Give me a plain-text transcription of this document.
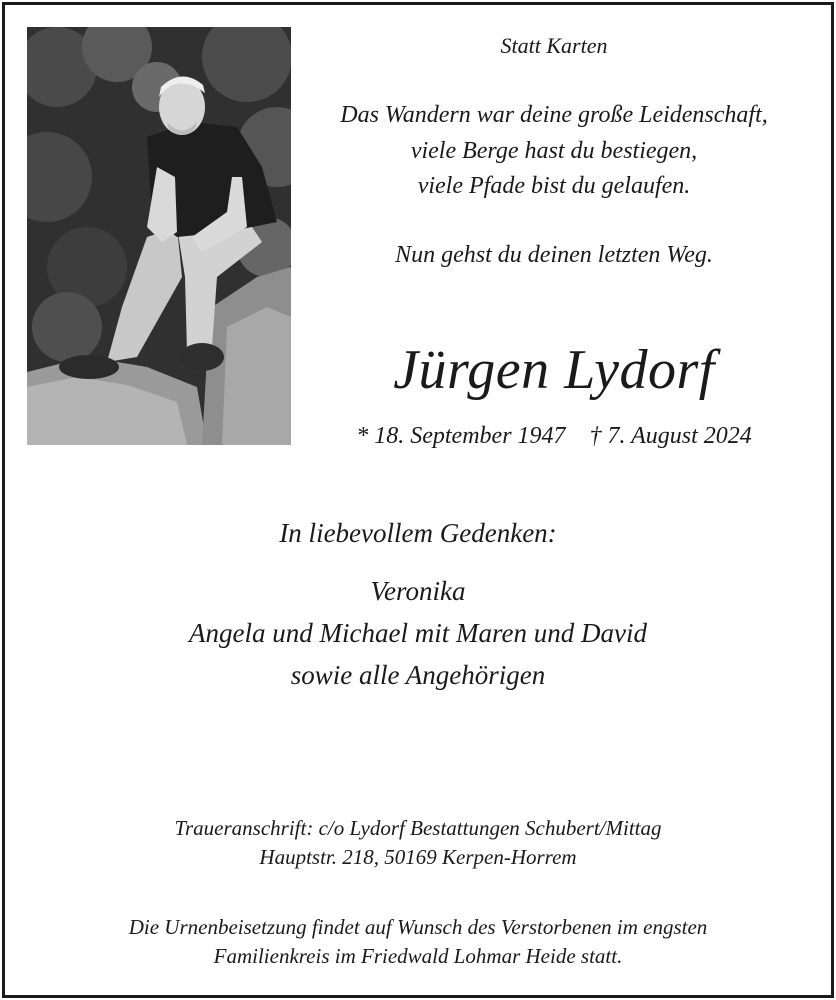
Statt Karten
Das Wandern war deine große Leidenschaft,
viele Berge hast du bestiegen,
viele Pfade bist du gelaufen.
Nun gehst du deinen letzten Weg.
Jürgen Lydorf
* 18. September 1947 † 7. August 2024
In liebevollem Gedenken:
Veronika
Angela und Michael mit Maren und David
sowie alle Angehörigen
Traueranschrift: c/o Lydorf Bestattungen Schubert/Mittag
Hauptstr. 218, 50169 Kerpen-Horrem
Die Urnenbeisetzung findet auf Wunsch des Verstorbenen im engsten
Familienkreis im Friedwald Lohmar Heide statt.
